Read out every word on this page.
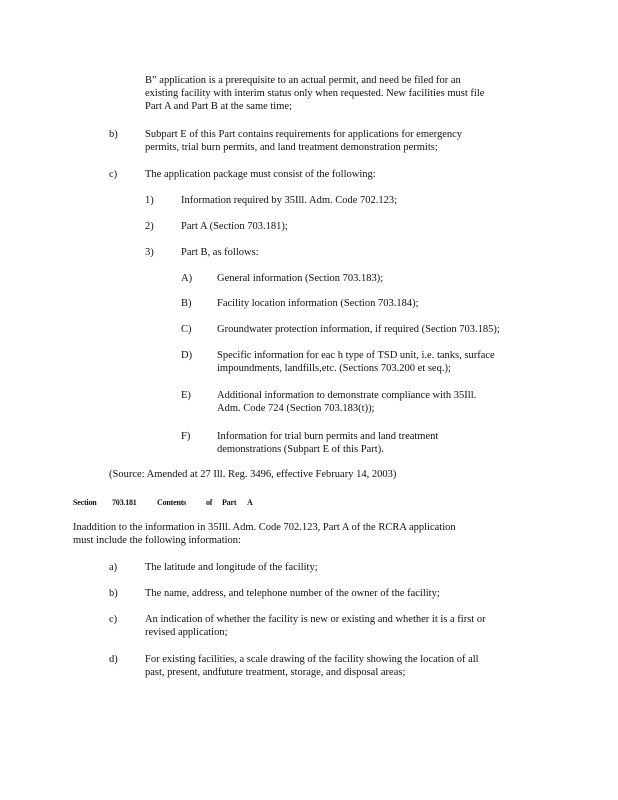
B” application is a prerequisite to an actual permit, and need be filed for an
existing facility with interim status only when requested. New facilities must file
Part A and Part B at the same time;
b)	Subpart E of this Part contains requirements for applications for emergency
permits, trial burn permits, and land treatment demonstration permits;
c)	The application package must consist of the following:
1)	Information required by 35Ill. Adm. Code 702.123;
2)	Part A (Section 703.181);
3)	Part B, as follows:
A) General information (Section 703.183);
B) Facility location information (Section 703.184);
C) Groundwater protection information, if required (Section 703.185);
D) Specific information for eac h type of TSD unit, i.e. tanks, surface
impoundments, landfills,etc. (Sections 703.200 et seq.);
E) Additional information to demonstrate compliance with 35Ill.
Adm. Code 724 (Section 703.183(t));
F)	Information for trial burn permits and land treatment
demonstrations (Subpart E of this Part).
(Source: Amended at 27 Ill. Reg. 3496, effective February 14, 2003)
Section 703.181	Contents of Part A
Inaddition to the information in 35Ill. Adm. Code 702.123, Part A of the RCRA application
must include the following information:
a)	The latitude and longitude of the facility;
b)	The name, address, and telephone number of the owner of the facility;
c)	An indication of whether the facility is new or existing and whether it is a first or
revised application;
d)	For existing facilities, a scale drawing of the facility showing the location of all
past, present, andfuture treatment, storage, and disposal areas;
